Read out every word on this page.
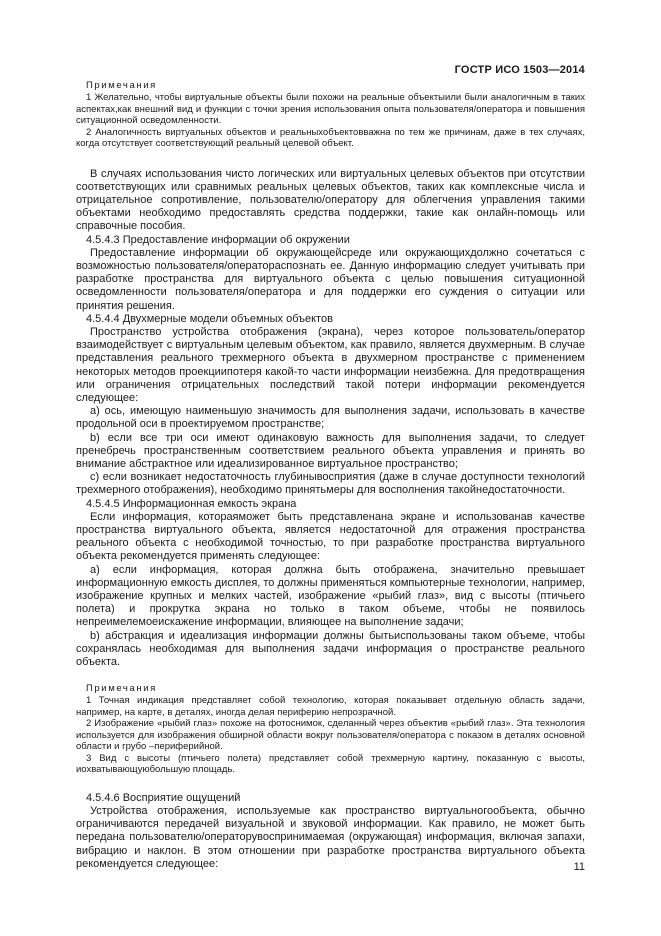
ГОСТР ИСО 1503—2014

Примечания

1 Желательно, чтобы виртуальные объекты были похожи на реальные объектыили были аналогичным в таких аспектах,как внешний вид и функции с точки зрения использования опыта пользователя/оператора и повышения ситуационной осведомленности.

2 Аналогичность виртуальных объектов и реальныхобъектовважна по тем же причинам, даже в тех случаях, когда отсутствует соответствующий реальный целевой объект.

В случаях использования чисто логических или виртуальных целевых объектов при отсутствии соответствующих или сравнимых реальных целевых объектов, таких как комплексные числа и отрицательное сопротивление, пользователю/оператору для облегчения управления такими объектами необходимо предоставлять средства поддержки, такие как онлайн-помощь или справочные пособия.

4.5.4.3 Предоставление информации об окружении

Предоставление информации об окружающейсреде или окружающихдолжно сочетаться с возможностью пользователя/оператораспознать ее. Данную информацию следует учитывать при разработке пространства для виртуального объекта с целью повышения ситуационной осведомленности пользователя/оператора и для поддержки его суждения о ситуации или принятия решения.

4.5.4.4 Двухмерные модели объемных объектов

Пространство устройства отображения (экрана), через которое пользователь/оператор взаимодействует с виртуальным целевым объектом, как правило, является двухмерным. В случае представления реального трехмерного объекта в двухмерном пространстве с применением некоторых методов проекциипотеря какой-то части информации неизбежна. Для предотвращения или ограничения отрицательных последствий такой потери информации рекомендуется следующее:

a) ось, имеющую наименьшую значимость для выполнения задачи, использовать в качестве продольной оси в проектируемом пространстве;

b) если все три оси имеют одинаковую важность для выполнения задачи, то следует пренебречь пространственным соответствием реального объекта управления и принять во внимание абстрактное или идеализированное виртуальное пространство;

c) если возникает недостаточность глубинывосприятия (даже в случае доступности технологий трехмерного отображения), необходимо принятьмеры для восполнения такойнедостаточности.

4.5.4.5 Информационная емкость экрана

Если информация, котораяможет быть представленана экране и использованав качестве пространства виртуального объекта, является недостаточной для отражения пространства реального объекта с необходимой точностью, то при разработке пространства виртуального объекта рекомендуется применять следующее:

a) если информация, которая должна быть отображена, значительно превышает информационную емкость дисплея, то должны применяться компьютерные технологии, например, изображение крупных и мелких частей, изображение «рыбий глаз», вид с высоты (птичьего полета) и прокрутка экрана но только в таком объеме, чтобы не появилось непреимелемоеискажение информации, влияющее на выполнение задачи;

b) абстракция и идеализация информации должны бытьиспользованы таком объеме, чтобы сохранялась необходимая для выполнения задачи информация о пространстве реального объекта.

Примечания

1 Точная индикация представляет собой технологию, которая показывает отдельную область задачи, например, на карте, в деталях, иногда делая периферию непрозрачной.

2 Изображение «рыбий глаз» похоже на фотоснимок, сделанный через объектив «рыбий глаз». Эта технология используется для изображения обширной области вокруг пользователя/оператора с показом в деталях основной области и грубо –периферийной.

3 Вид с высоты (птичьего полета) представляет собой трехмерную картину, показанную с высоты, иохватывающуюбольшую площадь.

4.5.4.6 Восприятие ощущений

Устройства отображения, используемые как пространство виртуальногообъекта, обычно ограничиваются передачей визуальной и звуковой информации. Как правило, не может быть передана пользователю/операторувоспринимаемая (окружающая) информация, включая запахи, вибрацию и наклон. В этом отношении при разработке пространства виртуального объекта рекомендуется следующее:	11
